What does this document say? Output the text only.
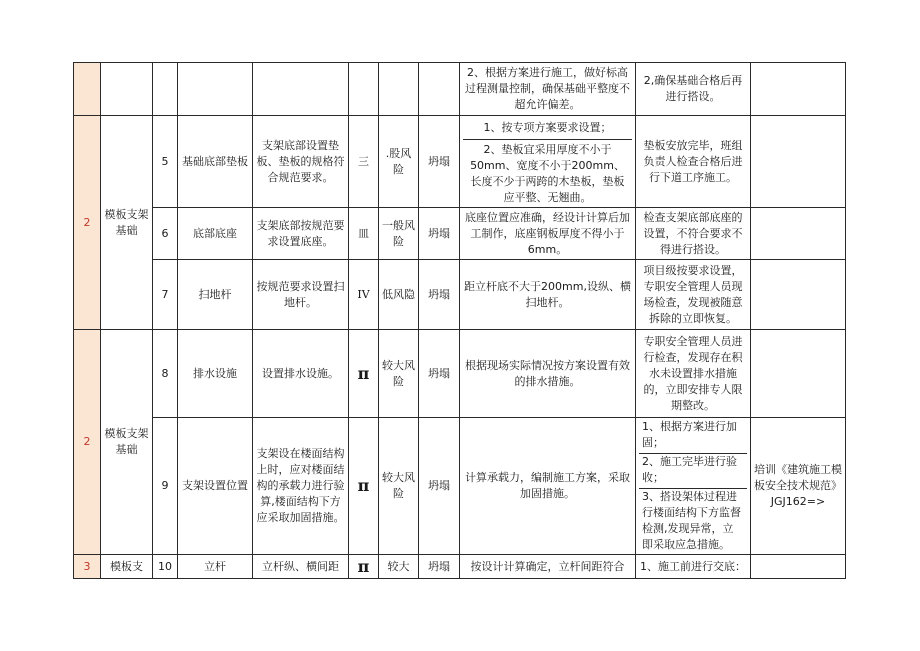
								2、根据方案进行施工，做好标高过程测量控制，确保基础平整度不超允许偏差。	2,确保基础合格后再进行搭设。	
2	模板支架基础	5	基础底部垫板	支架底部设置垫板、垫板的规格符合规范要求。	三	.股风险	坍塌	1、按专项方案要求设置；
2、垫板宜采用厚度不小于50mm、宽度不小于200mm、长度不少于两跨的木垫板，垫板应平整、无翘曲。	垫板安放完毕，班组负责人检查合格后进行下道工序施工。	
		6	底部底座	支架底部按规范要求设置底座。	皿	一般风险	坍塌	底座位置应准确，经设计计算后加工制作，底座钢板厚度不得小于6mm。	检查支架底部底座的设置，不符合要求不得进行搭设。	
		7	扫地杆	按规范要求设置扫地杆。	IV	低风隐	坍塌	距立杆底不大于200mm,设纵、横扫地杆。	项目级按要求设置，专职安全管理人员现场检查，发现被随意拆除的立即恢复。	
2	模板支架基础	8	排水设施	设置排水设施。	π	较大风险	坍塌	根据现场实际情况按方案设置有效的排水措施。	专职安全管理人员进行检查，发现存在积水未设置排水措施的，立即安排专人限期整改。	
		9	支架设置位置	支架设在楼面结构上时，应对楼面结构的承载力进行验算,楼面结构下方应采取加固措施。	π	较大风险	坍塌	计算承载力，编制施工方案，采取加固措施。	1、根据方案进行加固；
2、施工完毕进行验收；
3、搭设架体过程进行楼面结构下方监督检测,发现异常，立即采取应急措施。	培训《建筑施工模板安全技术规范》JGJ162=>
3	模板支	10	立杆	立杆纵、横间距	π	较大	坍塌	按设计计算确定，立杆间距符合	1、施工前进行交底：	
